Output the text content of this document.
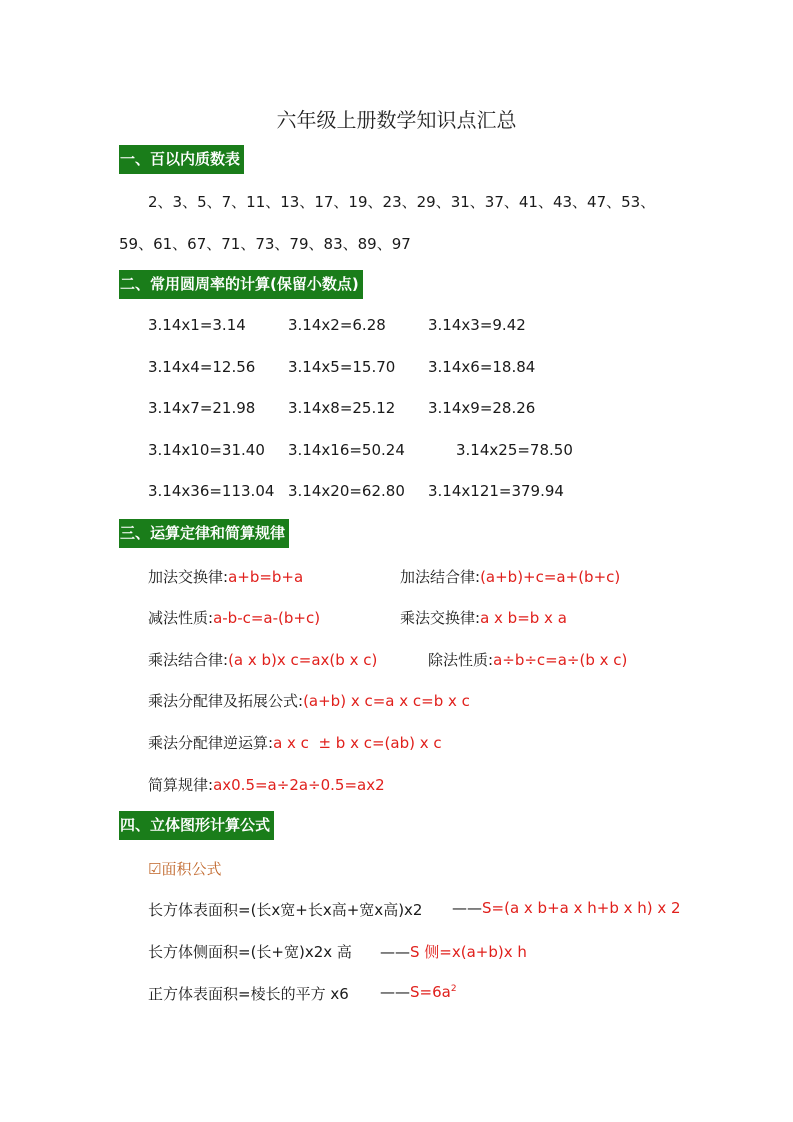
六年级上册数学知识点汇总
一、百以内质数表
2、3、5、7、11、13、17、19、23、29、31、37、41、43、47、53、
59、61、67、71、73、79、83、89、97
二、常用圆周率的计算(保留小数点)
3.14x1=3.14	3.14x2=6.28	3.14x3=9.42
3.14x4=12.56 3.14x5=15.70 3.14x6=18.84
3.14x7=21.98 3.14x8=25.12 3.14x9=28.26
3.14x10=31.40 3.14x16=50.24	3.14x25=78.50
3.14x36=113.04 3.14x20=62.80 3.14x121=379.94
三、运算定律和简算规律
加法交换律:a+b=b+a	加法结合律:(a+b)+c=a+(b+c)
减法性质:a-b-c=a-(b+c)	乘法交换律:a x b=b x a
乘法结合律:(a x b)x c=ax(b x c)	除法性质:a÷b÷c=a÷(b x c)
乘法分配律及拓展公式:(a+b) x c=a x c=b x c
乘法分配律逆运算:a x c  ± b x c=(ab) x c
简算规律:ax0.5=a÷2a÷0.5=ax2
四、立体图形计算公式
☑面积公式
长方体表面积=(长x宽+长x高+宽x高)x2 ——S=(a x b+a x h+b x h) x 2
长方体侧面积=(长+宽)x2x 高 ——S 侧=x(a+b)x h
正方体表面积=棱长的平方 x6 $——S=6a^2$
